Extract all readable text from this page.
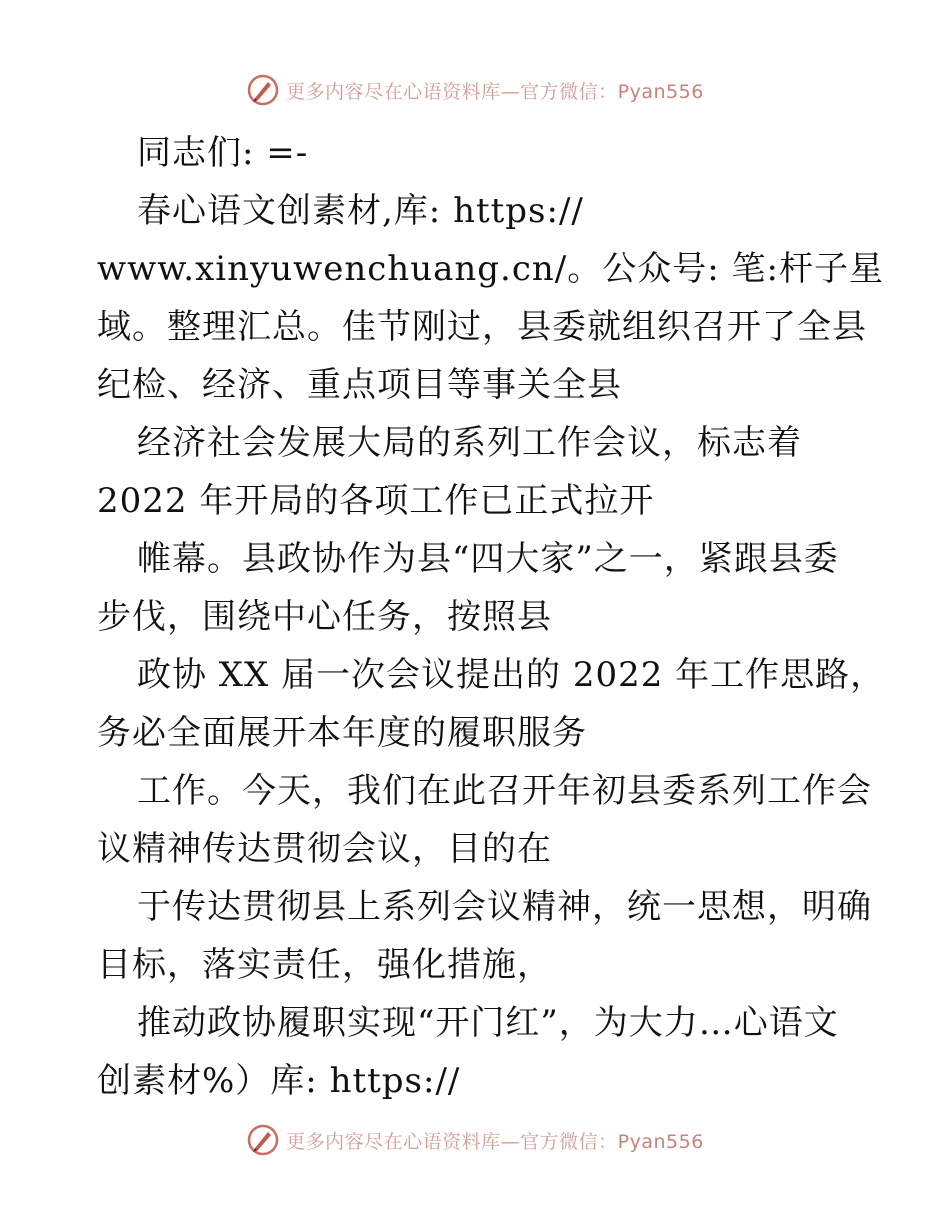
更多内容尽在心语资料库—官方微信：Pyan556
同志们: =-
春心语文创素材,库: https://
www.xinyuwenchuang.cn/。公众号: 笔:杆子星
域。整理汇总。佳节刚过，县委就组织召开了全县
纪检、经济、重点项目等事关全县
经济社会发展大局的系列工作会议，标志着
2022 年开局的各项工作已正式拉开
帷幕。县政协作为县“四大家”之一，紧跟县委
步伐，围绕中心任务，按照县
政协 XX 届一次会议提出的 2022 年工作思路，
务必全面展开本年度的履职服务
工作。今天，我们在此召开年初县委系列工作会
议精神传达贯彻会议，目的在
于传达贯彻县上系列会议精神，统一思想，明确
目标，落实责任，强化措施，
推动政协履职实现“开门红”，为大力…心语文
创素材%）库: https://
更多内容尽在心语资料库—官方微信：Pyan556
